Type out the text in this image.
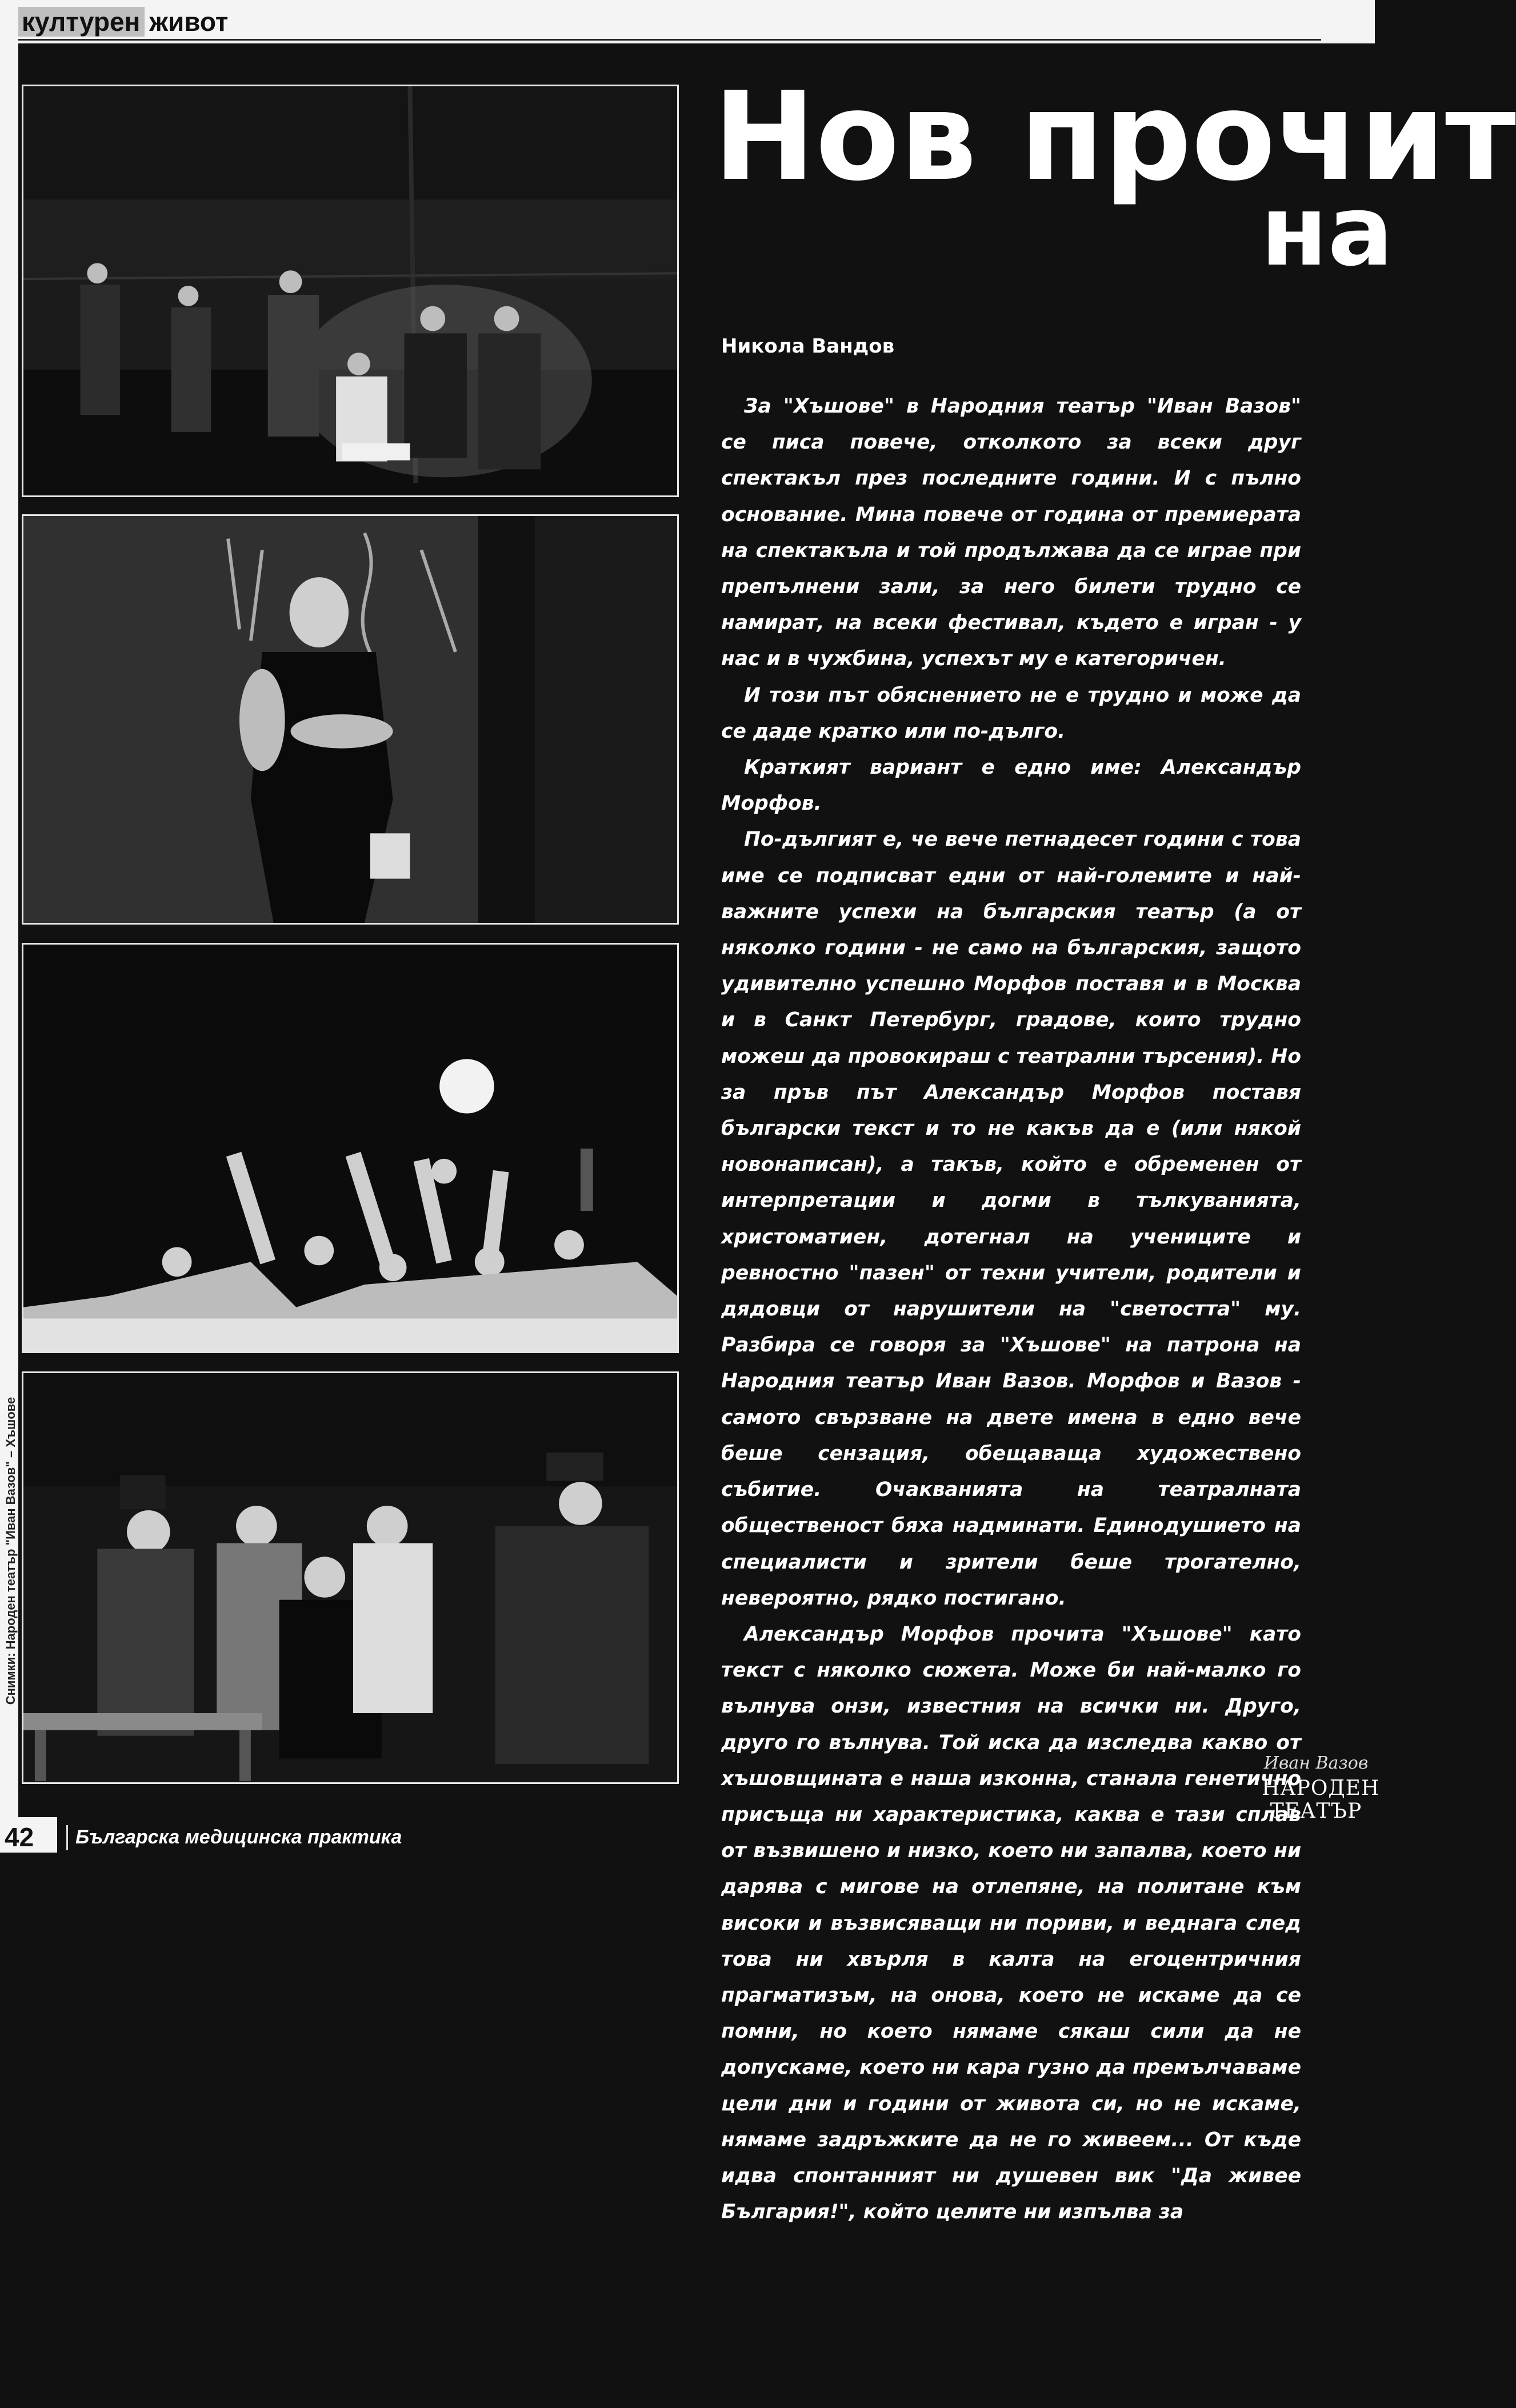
културен живот
Снимки: Народен театър "Иван Вазов" – Хъшове
Нов прочит
на
Никола Вандов

За "Хъшове" в Народния театър "Иван Вазов" се писа повече, отколкото за всеки друг спектакъл през последните години. И с пълно основание. Мина повече от година от премиерата на спектакъла и той продължава да се играе при препълнени зали, за него билети трудно се намират, на всеки фестивал, където е игран - у нас и в чужбина, успехът му е категоричен.

И този път обяснението не е трудно и може да се даде кратко или по-дълго.

Краткият вариант е едно име: Александър Морфов.

По-дългият е, че вече петнадесет години с това име се подписват едни от най-големите и най-важните успехи на българския театър (а от няколко години - не само на българския, защото удивително успешно Морфов поставя и в Москва и в Санкт Петербург, градове, които трудно можеш да провокираш с театрални търсения). Но за пръв път Александър Морфов поставя български текст и то не какъв да е (или някой новонаписан), а такъв, който е обременен от интерпретации и догми в тълкуванията, христоматиен, дотегнал на учениците и ревностно "пазен" от техни учители, родители и дядовци от нарушители на "светостта" му. Разбира се говоря за "Хъшове" на патрона на Народния театър Иван Вазов. Морфов и Вазов - самото свързване на двете имена в едно вече беше сензация, обещаваща художествено събитие. Очакванията на театралната общественост бяха надминати. Единодушието на специалисти и зрители беше трогателно, невероятно, рядко постигано.

Александър Морфов прочита "Хъшове" като текст с няколко сюжета. Може би най-малко го вълнува онзи, известния на всички ни. Друго, друго го вълнува. Той иска да изследва какво от хъшовщината е наша изконна, станала генетично присъща ни характеристика, каква е тази сплав от възвишено и низко, което ни запалва, което ни дарява с мигове на отлепяне, на политане към високи и възвисяващи ни пориви, и веднага след това ни хвърля в калта на егоцентричния прагматизъм, на онова, което не искаме да се помни, но което нямаме сякаш сили да не допускаме, което ни кара гузно да премълчаваме цели дни и години от живота си, но не искаме, нямаме задръжките да не го живеем... От къде идва спонтанният ни душевен вик "Да живее България!", който целите ни изпълва за

42 Българска медицинска практика
Иван Вазов
НАРОДЕН
ТЕАТЪР
